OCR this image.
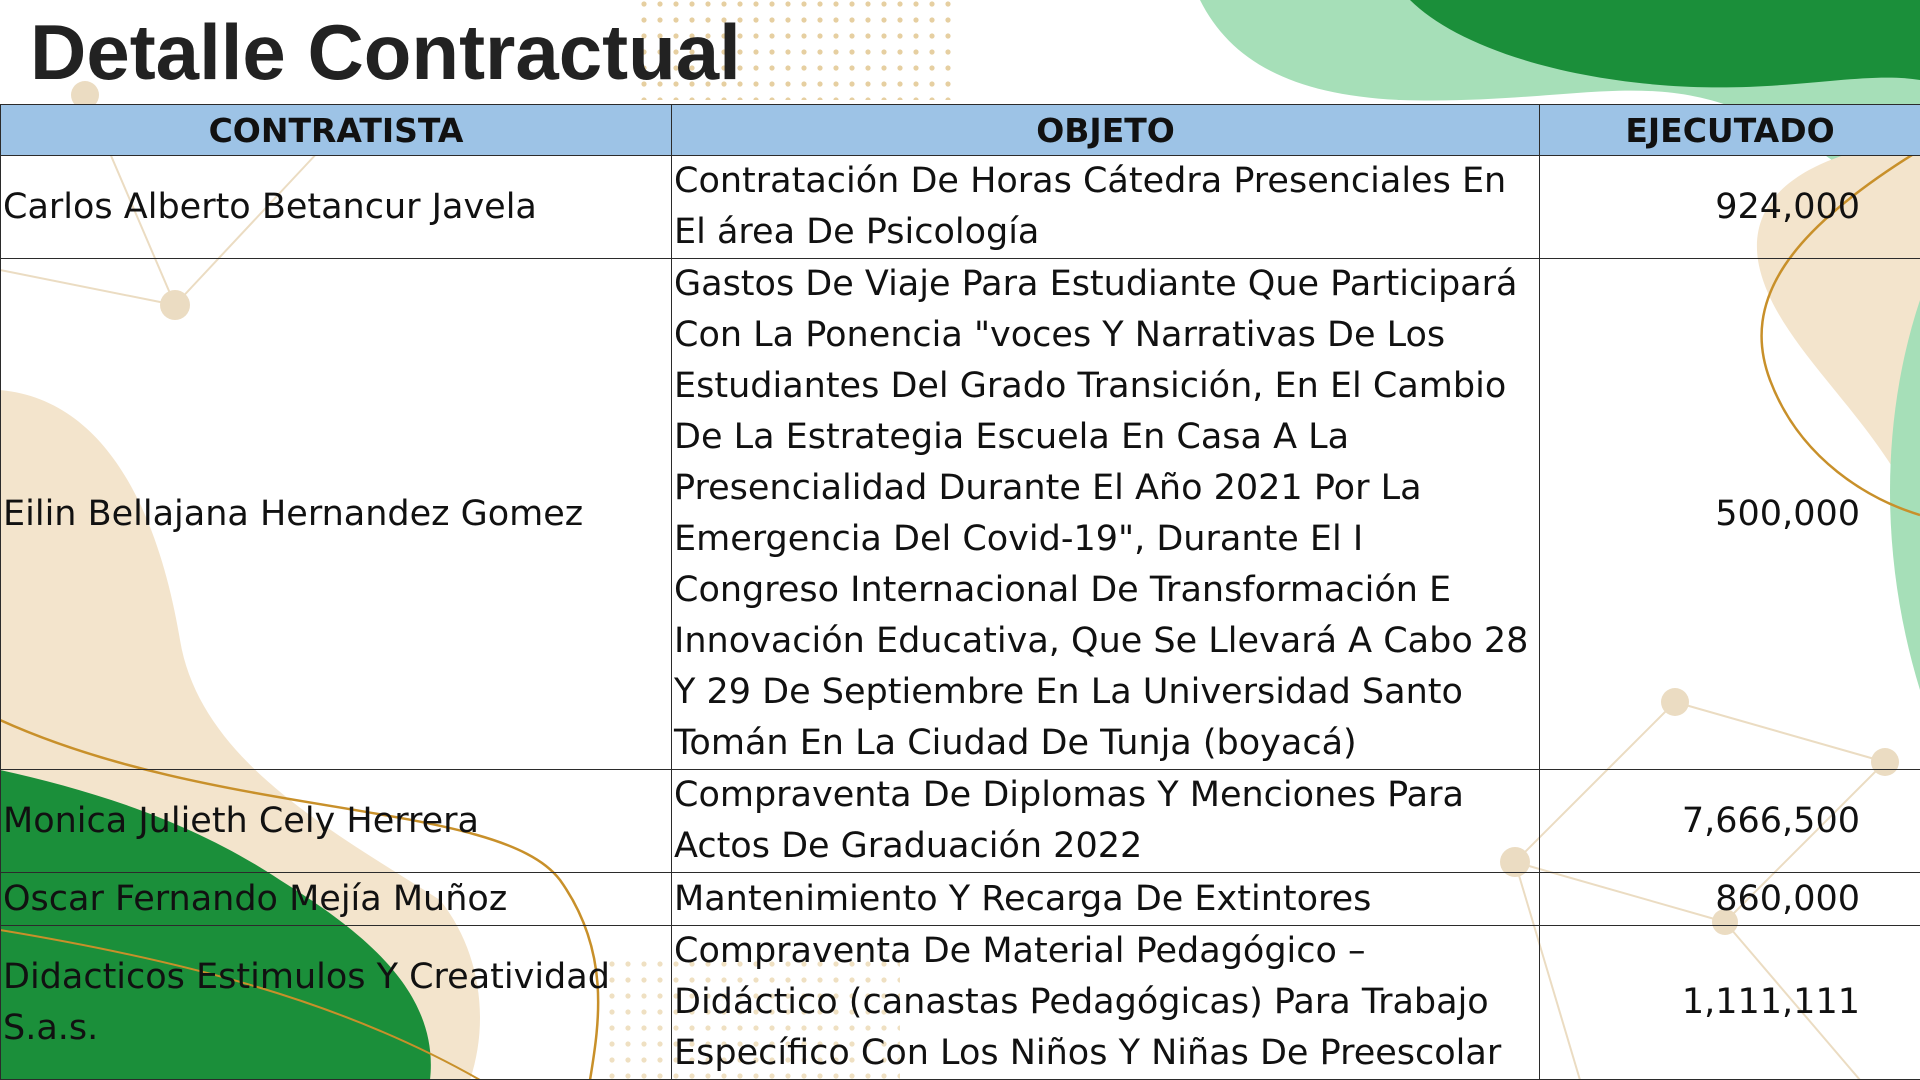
Detalle Contractual
CONTRATISTA	OBJETO	EJECUTADO
Carlos Alberto Betancur Javela	Contratación De Horas Cátedra Presenciales En El área De Psicología	924,000
Eilin Bellajana Hernandez Gomez	Gastos De Viaje Para Estudiante Que Participará Con La Ponencia "voces Y Narrativas De Los Estudiantes Del Grado Transición, En El Cambio De La Estrategia Escuela En Casa A La Presencialidad Durante El Año 2021 Por La Emergencia Del Covid-19", Durante El I Congreso Internacional De Transformación E Innovación Educativa, Que Se Llevará A Cabo 28 Y 29 De Septiembre En La Universidad Santo Tomán En La Ciudad De Tunja (boyacá)	500,000
Monica Julieth Cely Herrera	Compraventa De Diplomas Y Menciones Para Actos De Graduación 2022	7,666,500
Oscar Fernando Mejía Muñoz	Mantenimiento Y Recarga De Extintores	860,000
Didacticos Estimulos Y Creatividad S.a.s.	Compraventa De Material Pedagógico – Didáctico (canastas Pedagógicas) Para Trabajo Específico Con Los Niños Y Niñas De Preescolar	1,111,111
